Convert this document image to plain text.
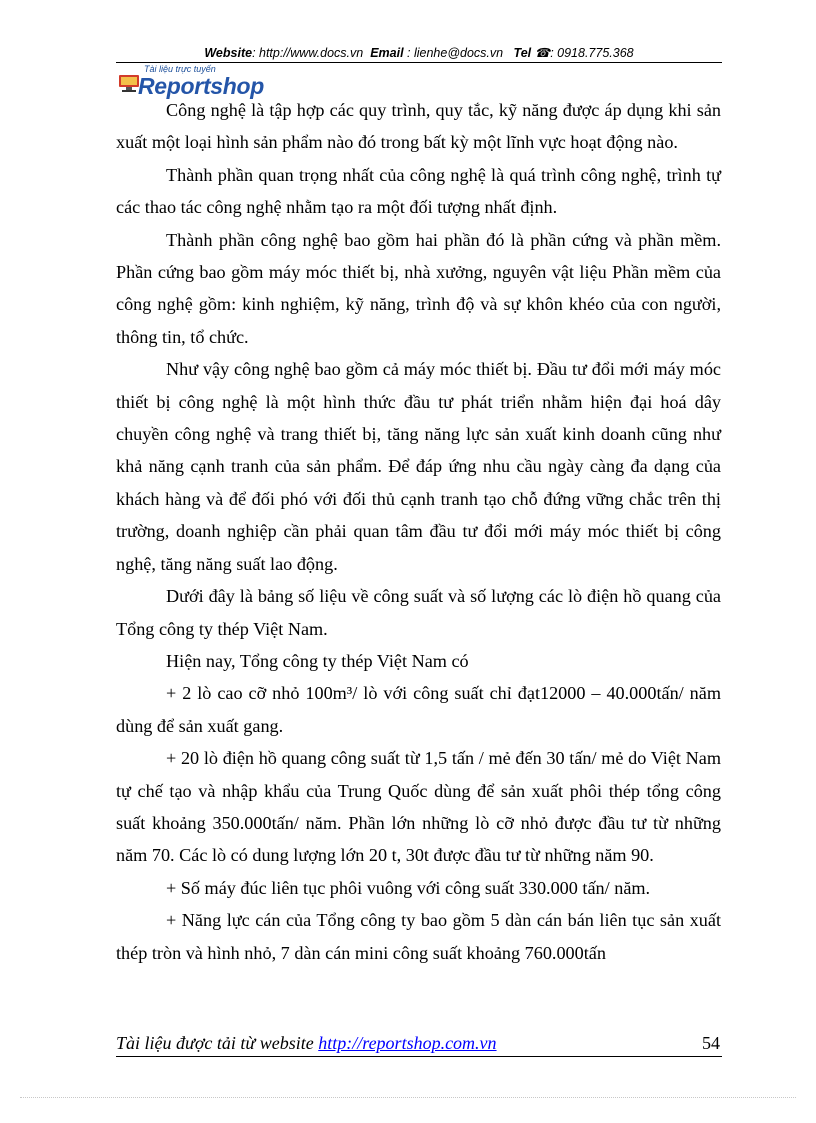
Website: http://www.docs.vn Email : lienhe@docs.vn Tel ☎: 0918.775.368
Tài liệu trực tuyến
Reportshop

Công nghệ là tập hợp các quy trình, quy tắc, kỹ năng được áp dụng khi sản xuất một loại hình sản phẩm nào đó trong bất kỳ một lĩnh vực hoạt động nào.

Thành phần quan trọng nhất của công nghệ là quá trình công nghệ, trình tự các thao tác công nghệ nhằm tạo ra một đối tượng nhất định.

Thành phần công nghệ bao gồm hai phần đó là phần cứng và phần mềm. Phần cứng bao gồm máy móc thiết bị, nhà xưởng, nguyên vật liệu Phần mềm của công nghệ gồm: kinh nghiệm, kỹ năng, trình độ và sự khôn khéo của con người, thông tin, tổ chức.

Như vậy công nghệ bao gồm cả máy móc thiết bị. Đầu tư đổi mới máy móc thiết bị công nghệ là một hình thức đầu tư phát triển nhằm hiện đại hoá dây chuyền công nghệ và trang thiết bị, tăng năng lực sản xuất kinh doanh cũng như khả năng cạnh tranh của sản phẩm. Để đáp ứng nhu cầu ngày càng đa dạng của khách hàng và để đối phó với đối thủ cạnh tranh tạo chỗ đứng vững chắc trên thị trường, doanh nghiệp cần phải quan tâm đầu tư đổi mới máy móc thiết bị công nghệ, tăng năng suất lao động.

Dưới đây là bảng số liệu về công suất và số lượng các lò điện hồ quang của Tổng công ty thép Việt Nam.

Hiện nay, Tổng công ty thép Việt Nam có

+ 2 lò cao cỡ nhỏ 100m³/ lò với công suất chỉ đạt12000 – 40.000tấn/ năm dùng để sản xuất gang.

+ 20 lò điện hồ quang công suất từ 1,5 tấn / mẻ đến 30 tấn/ mẻ do Việt Nam tự chế tạo và nhập khẩu của Trung Quốc dùng để sản xuất phôi thép tổng công suất khoảng 350.000tấn/ năm. Phần lớn những lò cỡ nhỏ được đầu tư từ những năm 70. Các lò có dung lượng lớn 20 t, 30t được đầu tư từ những năm 90.

+ Số máy đúc liên tục phôi vuông với công suất 330.000 tấn/ năm.

+ Năng lực cán của Tổng công ty bao gồm 5 dàn cán bán liên tục sản xuất thép tròn và hình nhỏ, 7 dàn cán mini công suất khoảng 760.000tấn

Tài liệu được tải từ website http://reportshop.com.vn	54
